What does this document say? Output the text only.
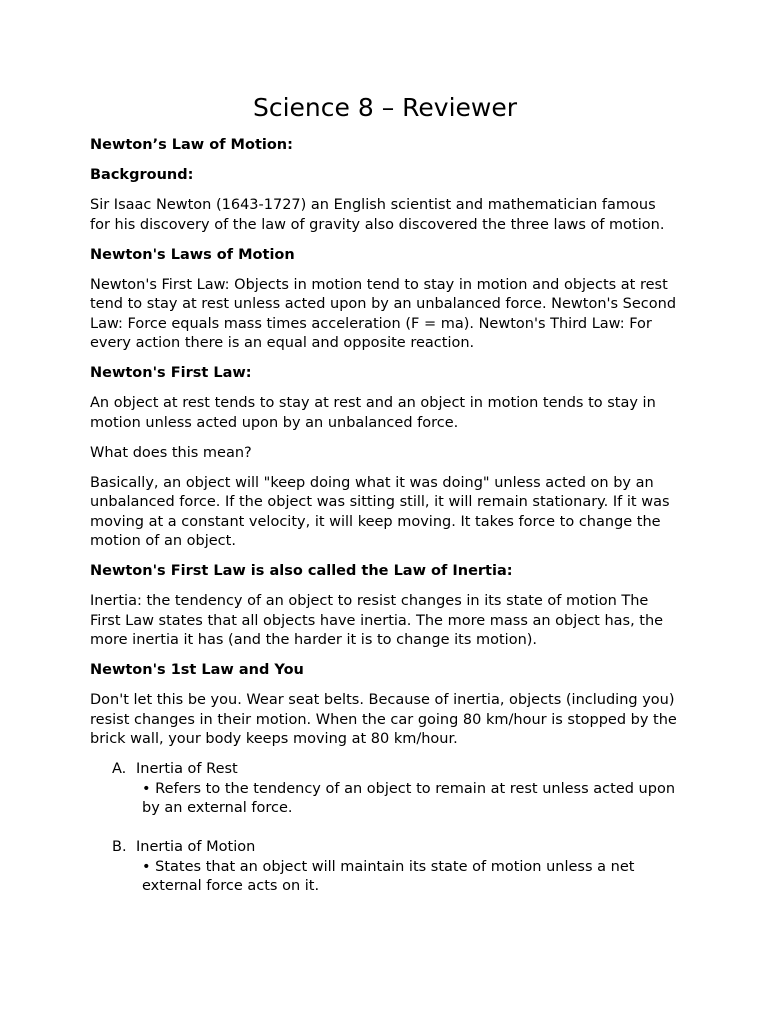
Science 8 – Reviewer
Newton’s Law of Motion:
Background:
Sir Isaac Newton (1643-1727) an English scientist and mathematician famous for his discovery of the law of gravity also discovered the three laws of motion.
Newton's Laws of Motion
Newton's First Law: Objects in motion tend to stay in motion and objects at rest tend to stay at rest unless acted upon by an unbalanced force. Newton's Second Law: Force equals mass times acceleration (F = ma). Newton's Third Law: For every action there is an equal and opposite reaction.
Newton's First Law:
An object at rest tends to stay at rest and an object in motion tends to stay in motion unless acted upon by an unbalanced force.
What does this mean?
Basically, an object will "keep doing what it was doing" unless acted on by an unbalanced force. If the object was sitting still, it will remain stationary. If it was moving at a constant velocity, it will keep moving. It takes force to change the motion of an object.
Newton's First Law is also called the Law of Inertia:
Inertia: the tendency of an object to resist changes in its state of motion The First Law states that all objects have inertia. The more mass an object has, the more inertia it has (and the harder it is to change its motion).
Newton's 1st Law and You
Don't let this be you. Wear seat belts. Because of inertia, objects (including you) resist changes in their motion. When the car going 80 km/hour is stopped by the brick wall, your body keeps moving at 80 km/hour.
A. Inertia of Rest
• Refers to the tendency of an object to remain at rest unless acted upon by an external force.
B. Inertia of Motion
• States that an object will maintain its state of motion unless a net external force acts on it.
